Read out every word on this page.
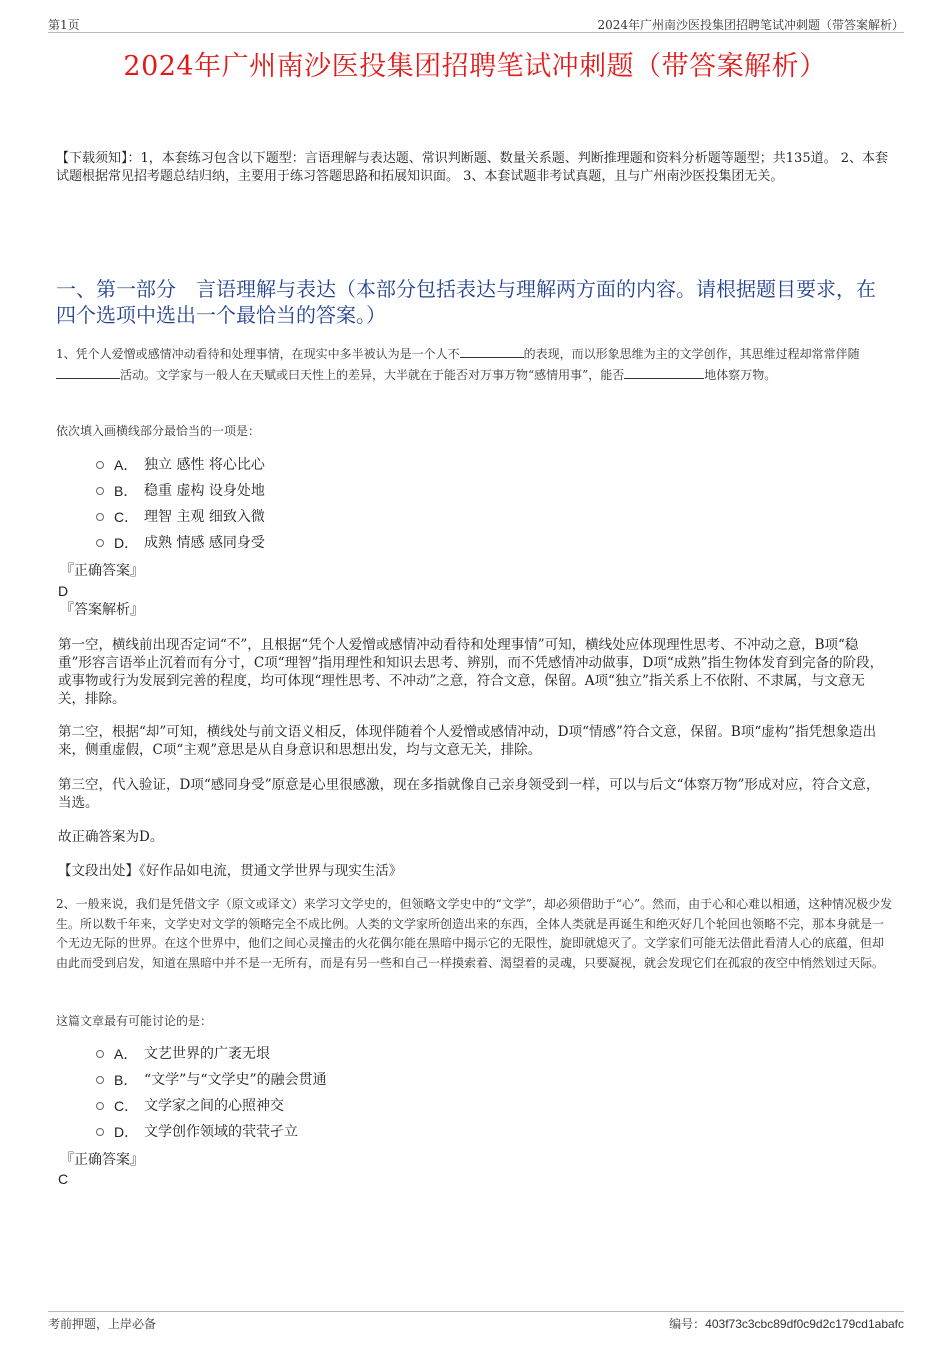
第1页	2024年广州南沙医投集团招聘笔试冲刺题（带答案解析）
2024年广州南沙医投集团招聘笔试冲刺题（带答案解析）
【下载须知】：1，本套练习包含以下题型：言语理解与表达题、常识判断题、数量关系题、判断推理题和资料分析题等题型；共135道。 2、本套试题根据常见招考题总结归纳，主要用于练习答题思路和拓展知识面。 3、本套试题非考试真题，且与广州南沙医投集团无关。
一、第一部分　言语理解与表达（本部分包括表达与理解两方面的内容。请根据题目要求，在四个选项中选出一个最恰当的答案。）
1、凭个人爱憎或感情冲动看待和处理事情，在现实中多半被认为是一个人不	的表现，而以形象思维为主的文学创作，其思维过程却常常伴随活动。文学家与一般人在天赋或曰天性上的差异，大半就在于能否对万事万物“感情用事”，能否	地体察万物。
依次填入画横线部分最恰当的一项是：
A． 独立 感性 将心比心
B． 稳重 虚构 设身处地
C． 理智 主观 细致入微
D． 成熟 情感 感同身受
『正确答案』
D
『答案解析』
第一空，横线前出现否定词“不”，且根据“凭个人爱憎或感情冲动看待和处理事情”可知，横线处应体现理性思考、不冲动之意，B项“稳重”形容言语举止沉着而有分寸，C项“理智”指用理性和知识去思考、辨别，而不凭感情冲动做事，D项“成熟”指生物体发育到完备的阶段，或事物或行为发展到完善的程度，均可体现“理性思考、不冲动”之意，符合文意，保留。A项“独立”指关系上不依附、不隶属，与文意无关，排除。
第二空，根据“却”可知，横线处与前文语义相反，体现伴随着个人爱憎或感情冲动，D项“情感”符合文意，保留。B项“虚构”指凭想象造出来，侧重虚假，C项“主观”意思是从自身意识和思想出发，均与文意无关，排除。
第三空，代入验证，D项“感同身受”原意是心里很感激，现在多指就像自己亲身领受到一样，可以与后文“体察万物”形成对应，符合文意，当选。
故正确答案为D。
【文段出处】《好作品如电流，贯通文学世界与现实生活》
2、一般来说，我们是凭借文字（原文或译文）来学习文学史的，但领略文学史中的“文学”，却必须借助于“心”。然而，由于心和心难以相通，这种情况极少发生。所以数千年来，文学史对文学的领略完全不成比例。人类的文学家所创造出来的东西，全体人类就是再诞生和绝灭好几个轮回也领略不完，那本身就是一个无边无际的世界。在这个世界中，他们之间心灵撞击的火花偶尔能在黑暗中揭示它的无限性，旋即就熄灭了。文学家们可能无法借此看清人心的底蕴，但却由此而受到启发，知道在黑暗中并不是一无所有，而是有另一些和自己一样摸索着、渴望着的灵魂，只要凝视，就会发现它们在孤寂的夜空中悄然划过天际。
这篇文章最有可能讨论的是：
A． 文艺世界的广袤无垠
B． “文学”与“文学史”的融会贯通
C． 文学家之间的心照神交
D． 文学创作领域的茕茕孑立
『正确答案』
C
考前押题，上岸必备	编号：403f73c3cbc89df0c9d2c179cd1abafc
